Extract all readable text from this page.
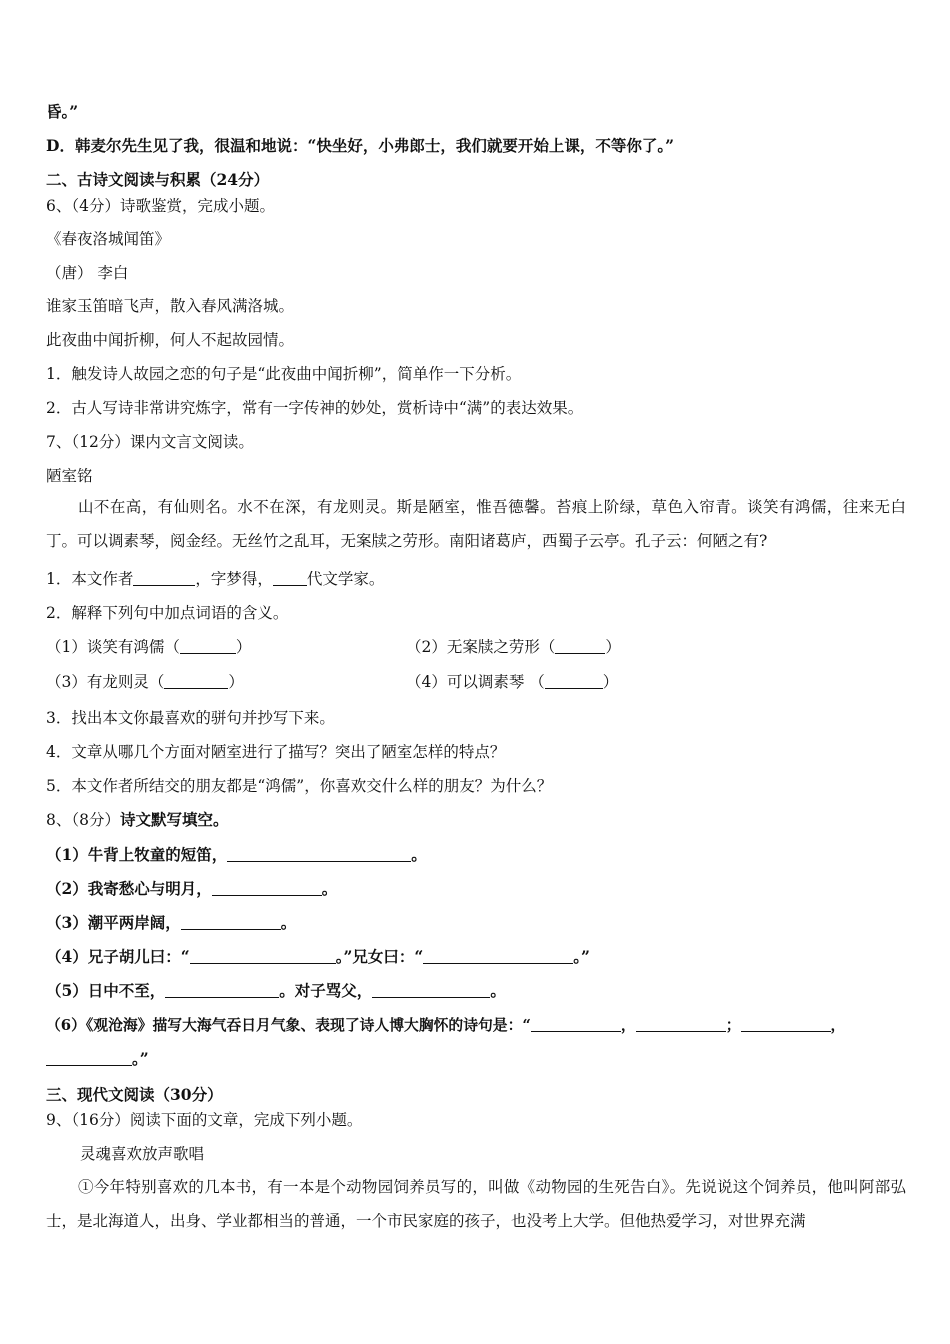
昏。”
D．韩麦尔先生见了我，很温和地说：“快坐好，小弗郎士，我们就要开始上课，不等你了。”
二、古诗文阅读与积累（24分）
6、（4分）诗歌鉴赏，完成小题。
《春夜洛城闻笛》
（唐） 李白
谁家玉笛暗飞声，散入春风满洛城。
此夜曲中闻折柳，何人不起故园情。
1．触发诗人故园之恋的句子是“此夜曲中闻折柳”，简单作一下分析。
2．古人写诗非常讲究炼字，常有一字传神的妙处，赏析诗中“满”的表达效果。
7、（12分）课内文言文阅读。
陋室铭
山不在高，有仙则名。水不在深，有龙则灵。斯是陋室，惟吾德馨。苔痕上阶绿，草色入帘青。谈笑有鸿儒，往来无白丁。可以调素琴，阅金经。无丝竹之乱耳，无案牍之劳形。南阳诸葛庐，西蜀子云亭。孔子云：何陋之有?
1．本文作者	，字梦得， 代文学家。
2．解释下列句中加点词语的含义。
（1）谈笑有鸿儒（	）	（2）无案牍之劳形（	）
（3）有龙则灵（	）	（4）可以调素琴 （	）
3．找出本文你最喜欢的骈句并抄写下来。
4．文章从哪几个方面对陋室进行了描写？突出了陋室怎样的特点？
5．本文作者所结交的朋友都是“鸿儒”，你喜欢交什么样的朋友？为什么？
8、（8分）诗文默写填空。
（1）牛背上牧童的短笛，	。
（2）我寄愁心与明月，	。
（3）潮平两岸阔，	。
（4）兄子胡儿曰：“	。”兄女曰：“	。”
（5）日中不至，	。对子骂父，	。
（6）《观沧海》描写大海气吞日月气象、表现了诗人博大胸怀的诗句是：“	，	；	，
。”
三、现代文阅读（30分）
9、（16分）阅读下面的文章，完成下列小题。
灵魂喜欢放声歌唱
①今年特别喜欢的几本书，有一本是个动物园饲养员写的，叫做《动物园的生死告白》。先说说这个饲养员，他叫阿部弘士，是北海道人，出身、学业都相当的普通，一个市民家庭的孩子，也没考上大学。但他热爱学习，对世界充满
